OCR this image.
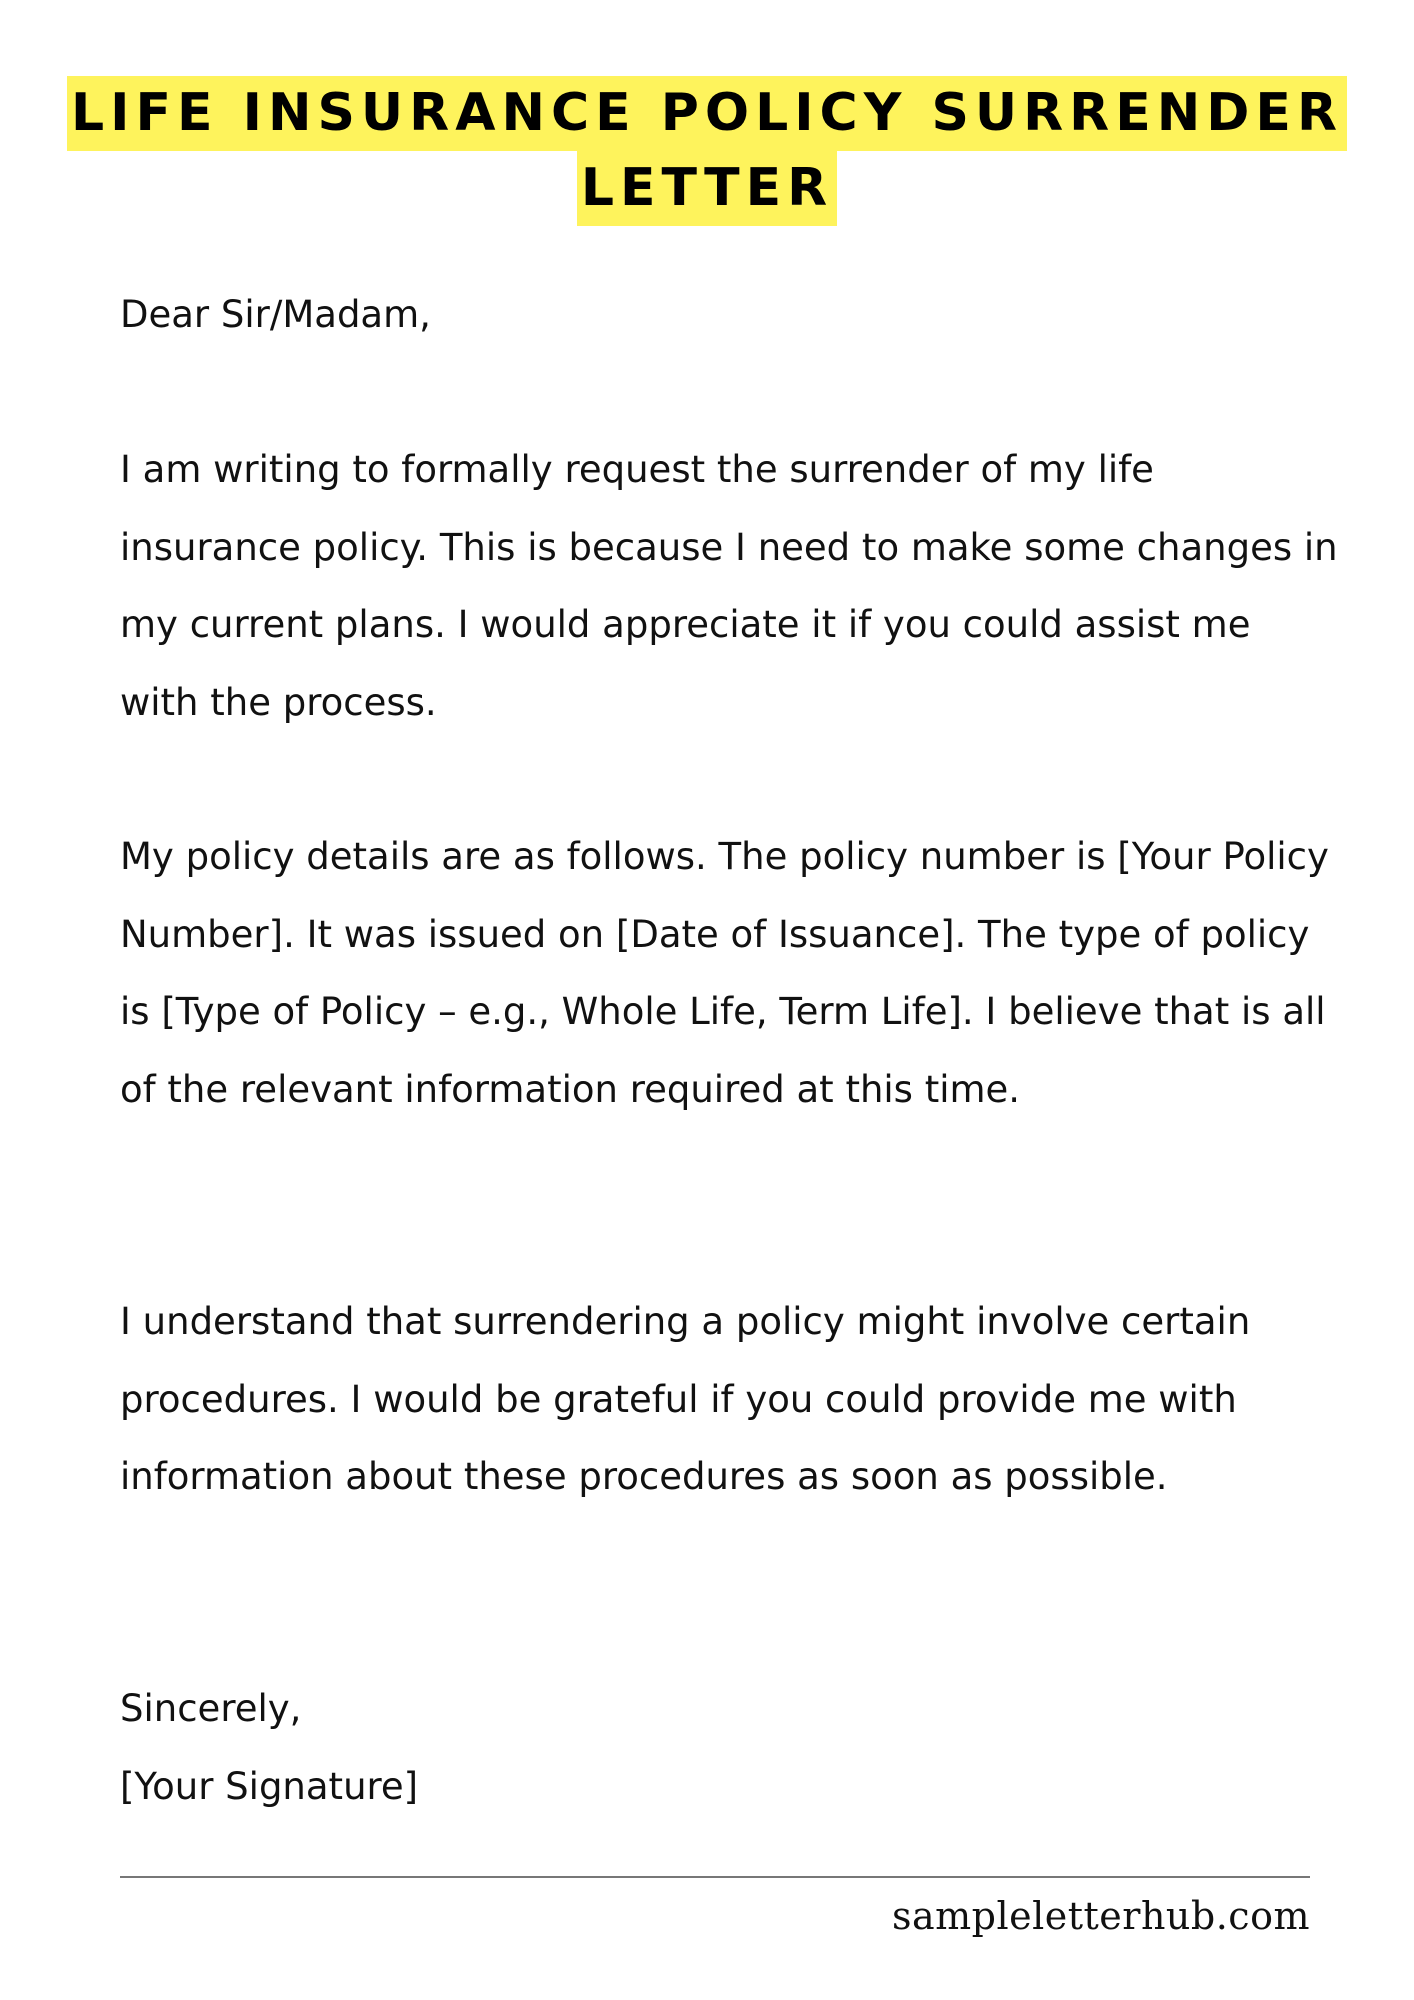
LIFE INSURANCE POLICY SURRENDER
LETTER

Dear Sir/Madam,

I am writing to formally request the surrender of my life insurance policy. This is because I need to make some changes in my current plans. I would appreciate it if you could assist me with the process.

My policy details are as follows. The policy number is [Your Policy Number]. It was issued on [Date of Issuance]. The type of policy is [Type of Policy – e.g., Whole Life, Term Life]. I believe that is all of the relevant information required at this time.

I understand that surrendering a policy might involve certain procedures. I would be grateful if you could provide me with information about these procedures as soon as possible.

Sincerely,

[Your Signature]

sampleletterhub.com
